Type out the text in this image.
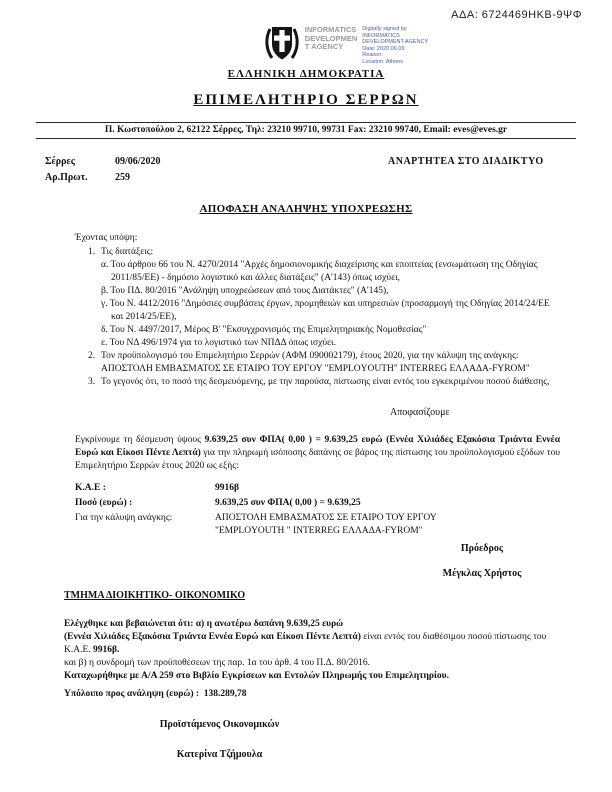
ΑΔΑ: 6724469ΗΚΒ-9ΨΦ
INFORMATICS
DEVELOPMEN
T AGENCY
Digitally signed by
INFORMATICS
DEVELOPMENT AGENCY
Date: 2020.06.09
Reason:
Location: Athens
ΕΛΛΗΝΙΚΗ ΔΗΜΟΚΡΑΤΙΑ
ΕΠΙΜΕΛΗΤΗΡΙΟ ΣΕΡΡΩΝ
Π. Κωστοπούλου 2, 62122 Σέρρες, Τηλ: 23210 99710, 99731 Fax: 23210 99740, Email: eves@eves.gr
Σέρρες	09/06/2020
Αρ.Πρωτ.	259
ΑΝΑΡΤΗΤΕΑ ΣΤΟ ΔΙΑΔΙΚΤΥΟ
ΑΠΟΦΑΣΗ ΑΝΑΛΗΨΗΣ ΥΠΟΧΡΕΩΣΗΣ
Έχοντας υπόψη:
1. Τις διατάξεις:
α. Του άρθρου 66 του Ν. 4270/2014 "Αρχές δημοσιονομικής διαχείρισης και εποπτείας (ενσωμάτωση της Οδηγίας 2011/85/ΕΕ) - δημόσιο λογιστικό και άλλες διατάξεις" (Α'143) όπως ισχύει,
β. Του ΠΔ. 80/2016 "Ανάληψη υποχρεώσεων από τους Διατάκτες" (Α'145),
γ. Του Ν. 4412/2016 "Δημόσιες συμβάσεις έργων, προμηθειών και υπηρεσιών (προσαρμογή της Οδηγίας 2014/24/ΕΕ και 2014/25/ΕΕ),
δ. Του Ν. 4497/2017, Μέρος Β' "Εκσυγχρονισμός της Επιμελητηριακής Νομοθεσίας"
ε. Του ΝΔ 496/1974 για το λογιστικό των ΝΠΔΔ όπως ισχύει.
2. Τον προϋπολογισμό του Επιμελητήριο Σερρών (ΑΦΜ 090002179), έτους 2020, για την κάλυψη της ανάγκης:
ΑΠΟΣΤΟΛΗ ΕΜΒΑΣΜΑΤΟΣ ΣΕ ΕΤΑΙΡΟ ΤΟΥ ΕΡΓΟΥ "EMPLOYOUTH" INTERREG ΕΛΛΑΔΑ-FYROM"
3. Το γεγονός ότι, το ποσό της δεσμευόμενης, με την παρούσα, πίστωσης είναι εντός του εγκεκριμένου ποσού διάθεσης,
Αποφασίζουμε

Εγκρίνουμε τη δέσμευση ύψους 9.639,25 συν ΦΠΑ( 0,00 ) = 9.639,25 ευρώ (Εννέα Χιλιάδες Εξακόσια Τριάντα Εννέα Ευρώ και Είκοσι Πέντε Λεπτά) για την πληρωμή ισόποσης δαπάνης σε βάρος της πίστωσης του προϋπολογισμού εξόδων του Επιμελητήριο Σερρών έτους 2020 ως εξής:

Κ.Α.Ε :	9916β
Ποσό (ευρώ) :	9.639,25 συν ΦΠΑ( 0,00 ) = 9.639,25
Για την κάλυψη ανάγκης:	ΑΠΟΣΤΟΛΗ ΕΜΒΑΣΜΑΤΟΣ ΣΕ ΕΤΑΙΡΟ ΤΟΥ ΕΡΓΟΥ
"EMPLOYOUTH " INTERREG ΕΛΛΑΔΑ-FYROM"
Πρόεδρος
Μέγκλας Χρήστος
ΤΜΗΜΑ ΔΙΟΙΚΗΤΙΚΟ- ΟΙΚΟΝΟΜΙΚΟ

Ελέγχθηκε και βεβαιώνεται ότι: α) η ανωτέρω δαπάνη 9.639,25 ευρώ
(Εννέα Χιλιάδες Εξακόσια Τριάντα Εννέα Ευρώ και Είκοσι Πέντε Λεπτά) είναι εντός του διαθέσιμου ποσού πίστωσης του Κ.Α.Ε. 9916β.

και β) η συνδρομή των προϋποθέσεων της παρ. 1α του άρθ. 4 του Π.Δ. 80/2016.

Καταχωρήθηκε με Α/Α 259 στο Βιβλίο Εγκρίσεων και Εντολών Πληρωμής του Επιμελητηρίου.

Υπόλοιπο προς ανάληψη (ευρώ) : 138.289,78

Προϊστάμενος Οικονομικών
Κατερίνα Τζήμουλα
